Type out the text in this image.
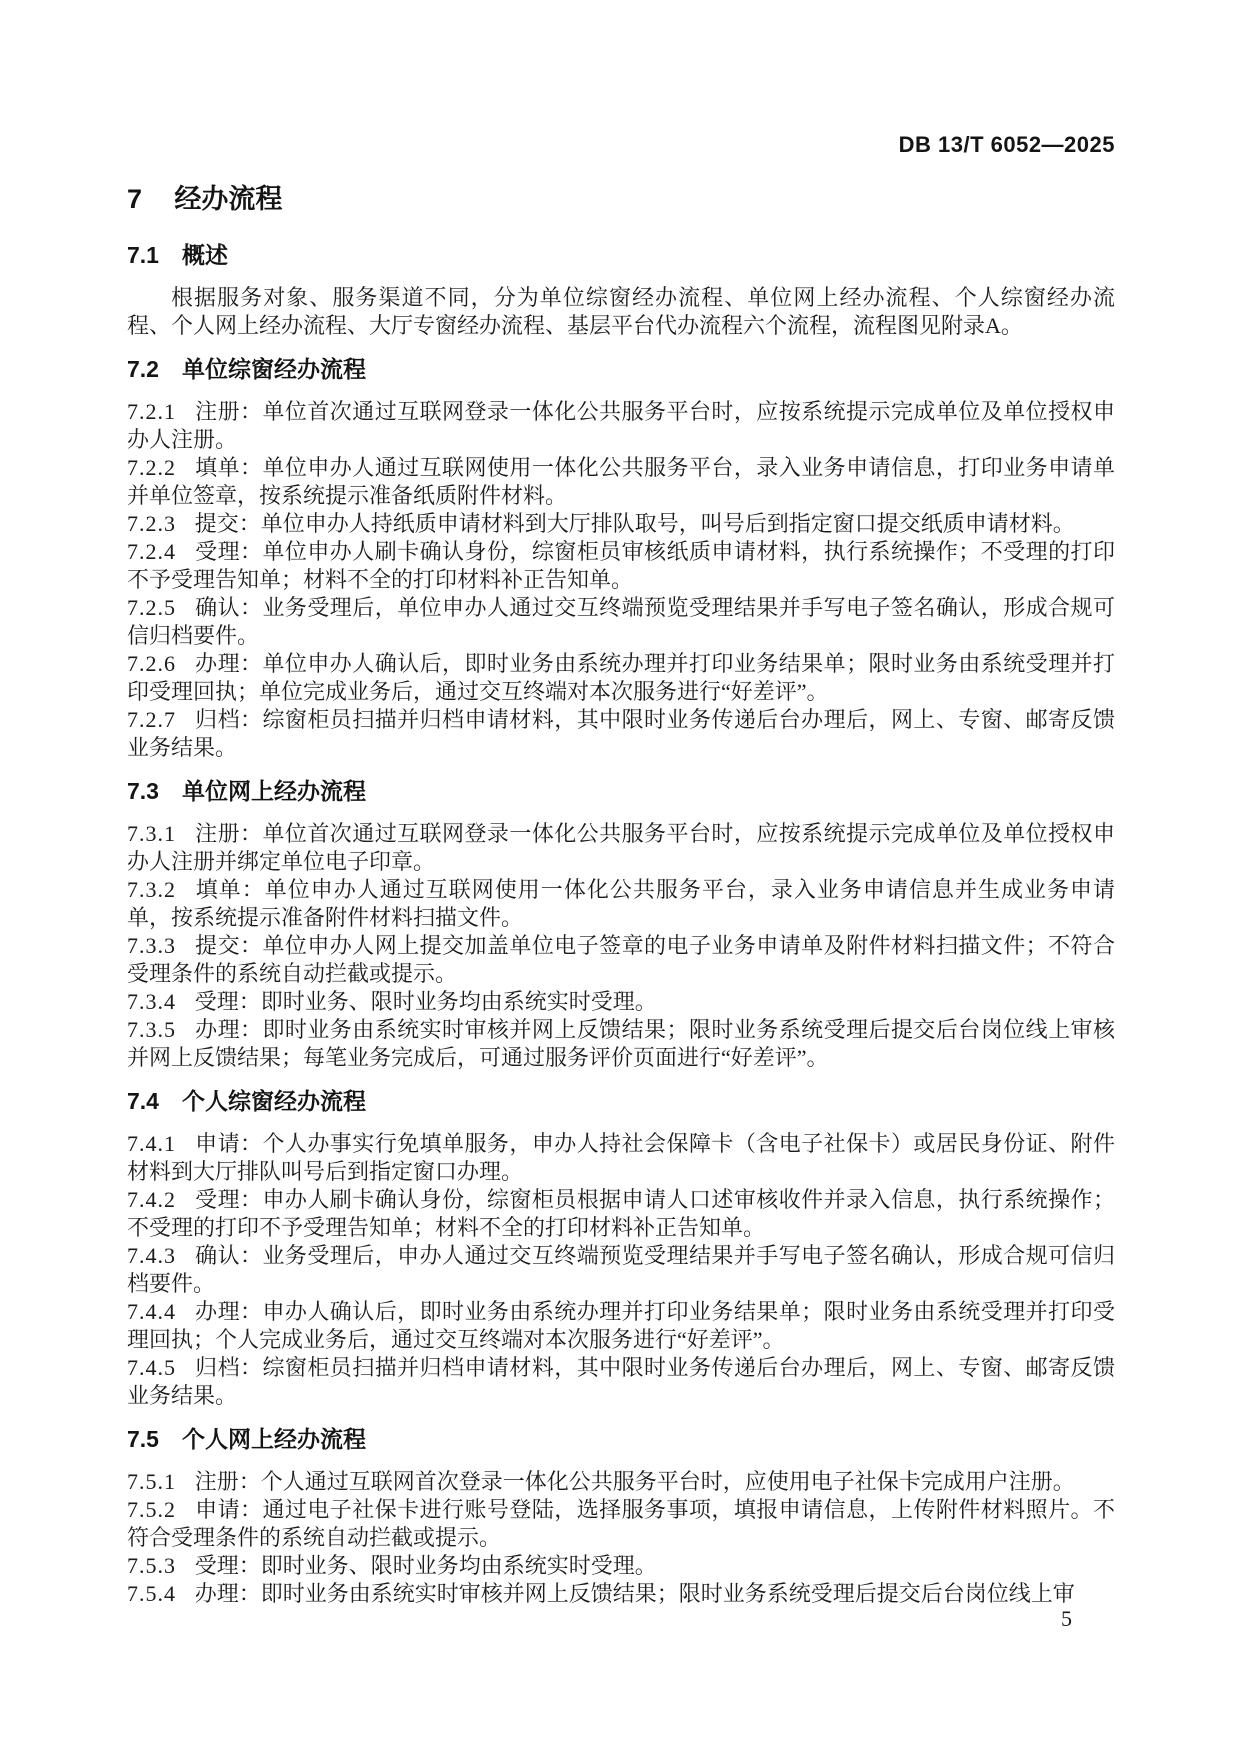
DB 13/T 6052—2025
7 经办流程
7.1 概述

根据服务对象、服务渠道不同，分为单位综窗经办流程、单位网上经办流程、个人综窗经办流程、个人网上经办流程、大厅专窗经办流程、基层平台代办流程六个流程，流程图见附录A。

7.2 单位综窗经办流程

7.2.1 注册：单位首次通过互联网登录一体化公共服务平台时，应按系统提示完成单位及单位授权申办人注册。

7.2.2 填单：单位申办人通过互联网使用一体化公共服务平台，录入业务申请信息，打印业务申请单并单位签章，按系统提示准备纸质附件材料。

7.2.3 提交：单位申办人持纸质申请材料到大厅排队取号，叫号后到指定窗口提交纸质申请材料。

7.2.4 受理：单位申办人刷卡确认身份，综窗柜员审核纸质申请材料，执行系统操作；不受理的打印不予受理告知单；材料不全的打印材料补正告知单。

7.2.5 确认：业务受理后，单位申办人通过交互终端预览受理结果并手写电子签名确认，形成合规可信归档要件。

7.2.6 办理：单位申办人确认后，即时业务由系统办理并打印业务结果单；限时业务由系统受理并打印受理回执；单位完成业务后，通过交互终端对本次服务进行“好差评”。

7.2.7 归档：综窗柜员扫描并归档申请材料，其中限时业务传递后台办理后，网上、专窗、邮寄反馈业务结果。

7.3 单位网上经办流程

7.3.1 注册：单位首次通过互联网登录一体化公共服务平台时，应按系统提示完成单位及单位授权申办人注册并绑定单位电子印章。

7.3.2 填单：单位申办人通过互联网使用一体化公共服务平台，录入业务申请信息并生成业务申请单，按系统提示准备附件材料扫描文件。

7.3.3 提交：单位申办人网上提交加盖单位电子签章的电子业务申请单及附件材料扫描文件；不符合受理条件的系统自动拦截或提示。

7.3.4 受理：即时业务、限时业务均由系统实时受理。

7.3.5 办理：即时业务由系统实时审核并网上反馈结果；限时业务系统受理后提交后台岗位线上审核并网上反馈结果；每笔业务完成后，可通过服务评价页面进行“好差评”。

7.4 个人综窗经办流程

7.4.1 申请：个人办事实行免填单服务，申办人持社会保障卡（含电子社保卡）或居民身份证、附件材料到大厅排队叫号后到指定窗口办理。

7.4.2 受理：申办人刷卡确认身份，综窗柜员根据申请人口述审核收件并录入信息，执行系统操作；不受理的打印不予受理告知单；材料不全的打印材料补正告知单。

7.4.3 确认：业务受理后，申办人通过交互终端预览受理结果并手写电子签名确认，形成合规可信归档要件。

7.4.4 办理：申办人确认后，即时业务由系统办理并打印业务结果单；限时业务由系统受理并打印受理回执；个人完成业务后，通过交互终端对本次服务进行“好差评”。

7.4.5 归档：综窗柜员扫描并归档申请材料，其中限时业务传递后台办理后，网上、专窗、邮寄反馈业务结果。

7.5 个人网上经办流程

7.5.1 注册：个人通过互联网首次登录一体化公共服务平台时，应使用电子社保卡完成用户注册。

7.5.2 申请：通过电子社保卡进行账号登陆，选择服务事项，填报申请信息，上传附件材料照片。不符合受理条件的系统自动拦截或提示。

7.5.3 受理：即时业务、限时业务均由系统实时受理。

7.5.4 办理：即时业务由系统实时审核并网上反馈结果；限时业务系统受理后提交后台岗位线上审

5
